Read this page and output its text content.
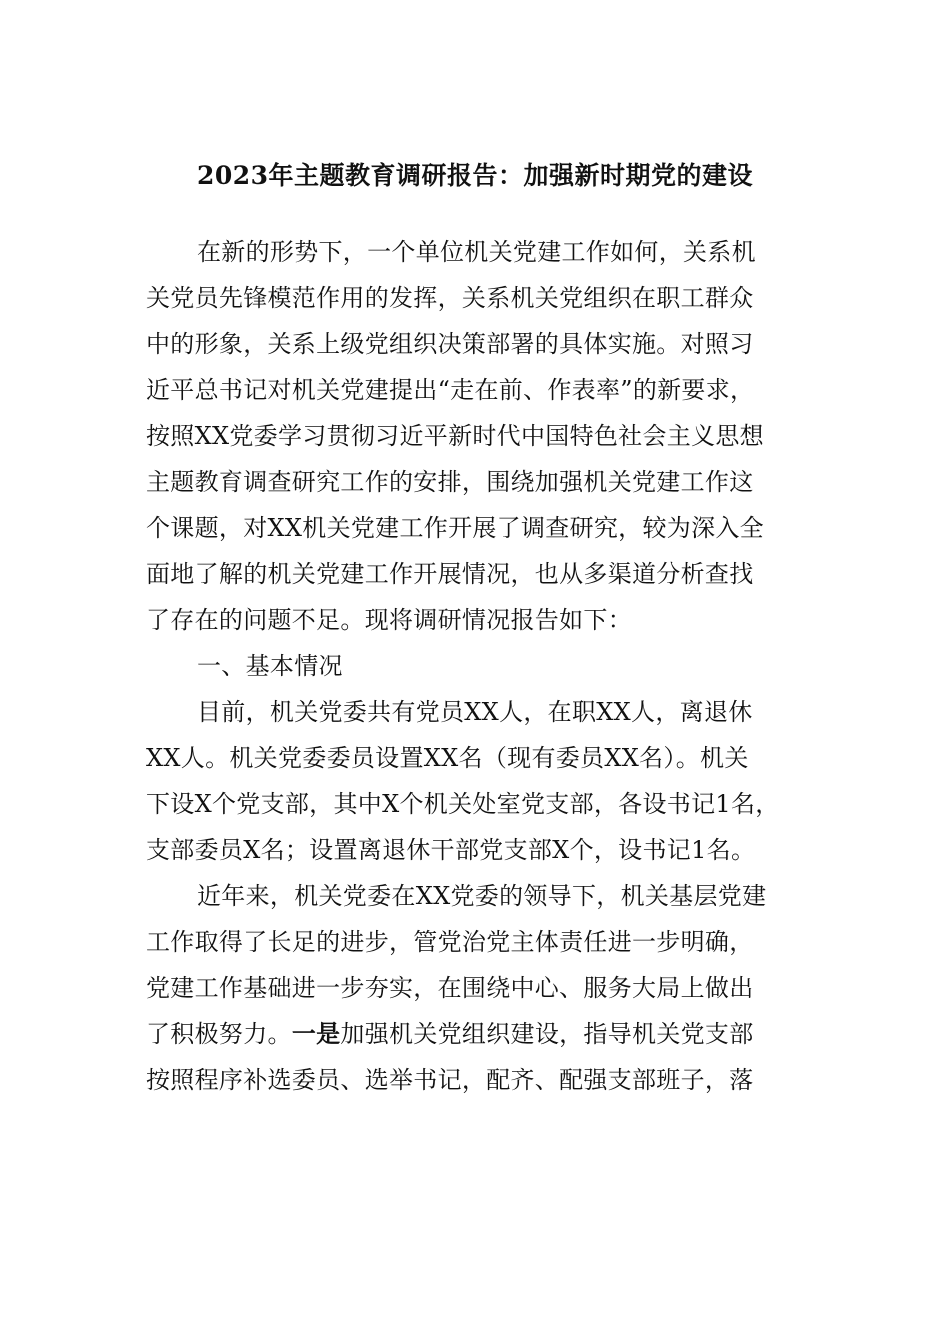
2023年主题教育调研报告：加强新时期党的建设
在新的形势下，一个单位机关党建工作如何，关系机
关党员先锋模范作用的发挥，关系机关党组织在职工群众
中的形象，关系上级党组织决策部署的具体实施。对照习
近平总书记对机关党建提出“走在前、作表率”的新要求，
按照XX党委学习贯彻习近平新时代中国特色社会主义思想
主题教育调查研究工作的安排，围绕加强机关党建工作这
个课题，对XX机关党建工作开展了调查研究，较为深入全
面地了解的机关党建工作开展情况，也从多渠道分析查找
了存在的问题不足。现将调研情况报告如下：
一、基本情况
目前，机关党委共有党员XX人，在职XX人，离退休
XX人。机关党委委员设置XX名（现有委员XX名）。机关
下设X个党支部，其中X个机关处室党支部，各设书记1名，
支部委员X名；设置离退休干部党支部X个，设书记1名。
近年来，机关党委在XX党委的领导下，机关基层党建
工作取得了长足的进步，管党治党主体责任进一步明确，
党建工作基础进一步夯实，在围绕中心、服务大局上做出
了积极努力。一是加强机关党组织建设，指导机关党支部
按照程序补选委员、选举书记，配齐、配强支部班子，落
